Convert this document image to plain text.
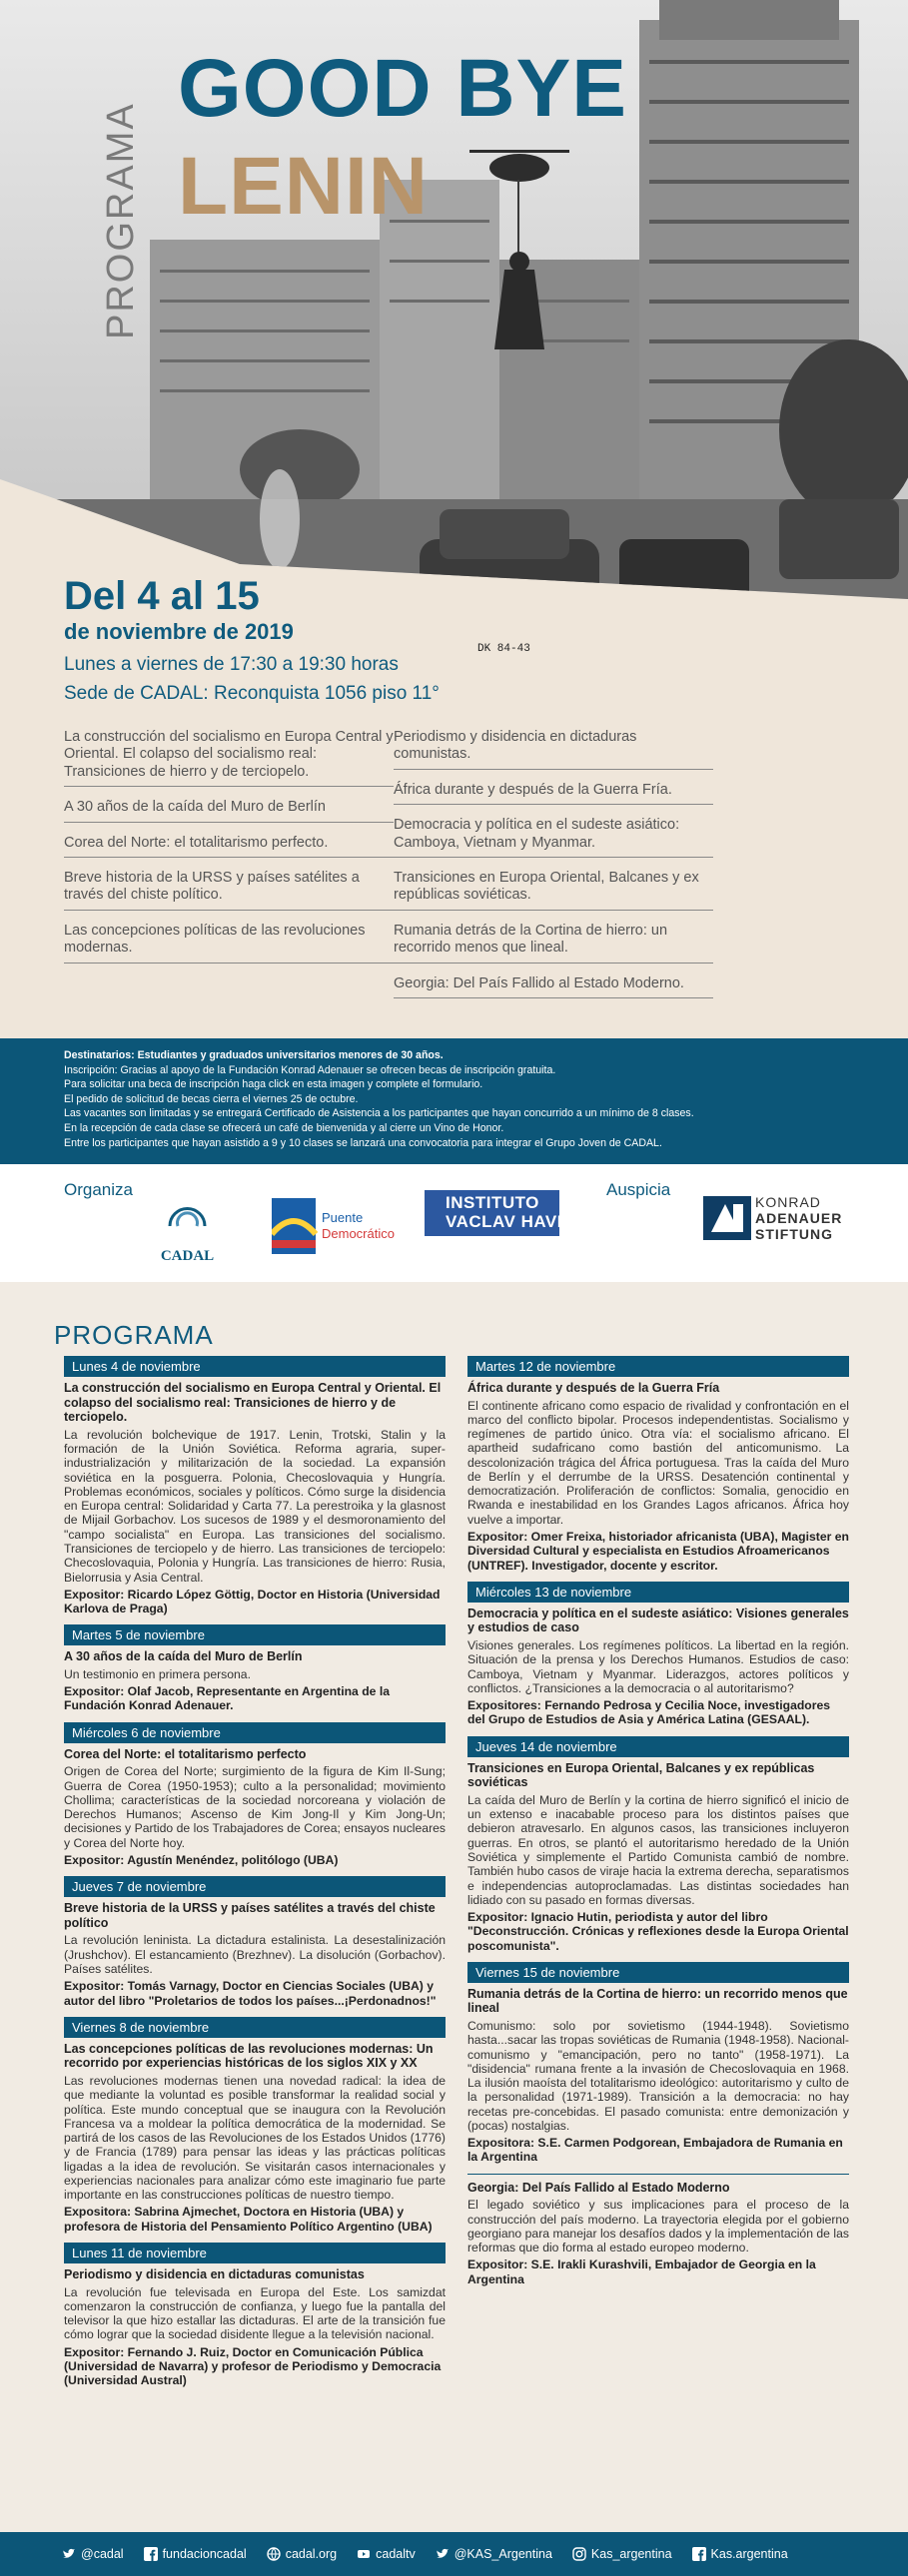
DK 84-43
PROGRAMA
GOOD BYE
LENIN
Del 4 al 15
de noviembre de 2019
Lunes a viernes de 17:30 a 19:30 horas
Sede de CADAL: Reconquista 1056 piso 11°
La construcción del socialismo en Europa Central y Oriental. El colapso del socialismo real: Transiciones de hierro y de terciopelo.
A 30 años de la caída del Muro de Berlín
Corea del Norte: el totalitarismo perfecto.
Breve historia de la URSS y países satélites a través del chiste político.
Las concepciones políticas de las revoluciones modernas.
Periodismo y disidencia en dictaduras comunistas.
África durante y después de la Guerra Fría.
Democracia y política en el sudeste asiático: Camboya, Vietnam y Myanmar.
Transiciones en Europa Oriental, Balcanes y ex repúblicas soviéticas.
Rumania detrás de la Cortina de hierro: un recorrido menos que lineal.
Georgia: Del País Fallido al Estado Moderno.
Destinatarios: Estudiantes y graduados universitarios menores de 30 años.
Inscripción: Gracias al apoyo de la Fundación Konrad Adenauer se ofrecen becas de inscripción gratuita.
Para solicitar una beca de inscripción haga click en esta imagen y complete el formulario.
El pedido de solicitud de becas cierra el viernes 25 de octubre.
Las vacantes son limitadas y se entregará Certificado de Asistencia a los participantes que hayan concurrido a un mínimo de 8 clases.
En la recepción de cada clase se ofrecerá un café de bienvenida y al cierre un Vino de Honor.
Entre los participantes que hayan asistido a 9 y 10 clases se lanzará una convocatoria para integrar el Grupo Joven de CADAL.
Organiza
CADAL
Puente
Democrático
INSTITUTO
VACLAV HAVEL
Auspicia
KONRAD
ADENAUER
STIFTUNG
PROGRAMA
Lunes 4 de noviembre
La construcción del socialismo en Europa Central y Oriental. El colapso del socialismo real: Transiciones de hierro y de terciopelo.
La revolución bolchevique de 1917. Lenin, Trotski, Stalin y la formación de la Unión Soviética. Reforma agraria, super-industrialización y militarización de la sociedad. La expansión soviética en la posguerra. Polonia, Checoslovaquia y Hungría. Problemas económicos, sociales y políticos. Cómo surge la disidencia en Europa central: Solidaridad y Carta 77. La perestroika y la glasnost de Mijail Gorbachov. Los sucesos de 1989 y el desmoronamiento del "campo socialista" en Europa. Las transiciones del socialismo. Transiciones de terciopelo y de hierro. Las transiciones de terciopelo: Checoslovaquia, Polonia y Hungría. Las transiciones de hierro: Rusia, Bielorrusia y Asia Central.
Expositor: Ricardo López Göttig, Doctor en Historia (Universidad Karlova de Praga)
Martes 5 de noviembre
A 30 años de la caída del Muro de Berlín
Un testimonio en primera persona.
Expositor: Olaf Jacob, Representante en Argentina de la Fundación Konrad Adenauer.
Miércoles 6 de noviembre
Corea del Norte: el totalitarismo perfecto
Origen de Corea del Norte; surgimiento de la figura de Kim Il-Sung; Guerra de Corea (1950-1953); culto a la personalidad; movimiento Chollima; características de la sociedad norcoreana y violación de Derechos Humanos; Ascenso de Kim Jong-Il y Kim Jong-Un; decisiones y Partido de los Trabajadores de Corea; ensayos nucleares y Corea del Norte hoy.
Expositor: Agustín Menéndez, politólogo (UBA)
Jueves 7 de noviembre
Breve historia de la URSS y países satélites a través del chiste político
La revolución leninista. La dictadura estalinista. La desestalinización (Jrushchov). El estancamiento (Brezhnev). La disolución (Gorbachov). Países satélites.
Expositor: Tomás Varnagy, Doctor en Ciencias Sociales (UBA) y autor del libro "Proletarios de todos los países...¡Perdonadnos!"
Viernes 8 de noviembre
Las concepciones políticas de las revoluciones modernas: Un recorrido por experiencias históricas de los siglos XIX y XX
Las revoluciones modernas tienen una novedad radical: la idea de que mediante la voluntad es posible transformar la realidad social y política. Este mundo conceptual que se inaugura con la Revolución Francesa va a moldear la política democrática de la modernidad. Se partirá de los casos de las Revoluciones de los Estados Unidos (1776) y de Francia (1789) para pensar las ideas y las prácticas políticas ligadas a la idea de revolución. Se visitarán casos internacionales y experiencias nacionales para analizar cómo este imaginario fue parte importante en las construcciones políticas de nuestro tiempo.
Expositora: Sabrina Ajmechet, Doctora en Historia (UBA) y profesora de Historia del Pensamiento Político Argentino (UBA)
Lunes 11 de noviembre
Periodismo y disidencia en dictaduras comunistas
La revolución fue televisada en Europa del Este. Los samizdat comenzaron la construcción de confianza, y luego fue la pantalla del televisor la que hizo estallar las dictaduras. El arte de la transición fue cómo lograr que la sociedad disidente llegue a la televisión nacional.
Expositor: Fernando J. Ruiz, Doctor en Comunicación Pública (Universidad de Navarra) y profesor de Periodismo y Democracia (Universidad Austral)
Martes 12 de noviembre
África durante y después de la Guerra Fría
El continente africano como espacio de rivalidad y confrontación en el marco del conflicto bipolar. Procesos independentistas. Socialismo y regímenes de partido único. Otra vía: el socialismo africano. El apartheid sudafricano como bastión del anticomunismo. La descolonización trágica del África portuguesa. Tras la caída del Muro de Berlín y el derrumbe de la URSS. Desatención continental y democratización. Proliferación de conflictos: Somalia, genocidio en Rwanda e inestabilidad en los Grandes Lagos africanos. África hoy vuelve a importar.
Expositor: Omer Freixa, historiador africanista (UBA), Magister en Diversidad Cultural y especialista en Estudios Afroamericanos (UNTREF). Investigador, docente y escritor.
Miércoles 13 de noviembre
Democracia y política en el sudeste asiático: Visiones generales y estudios de caso
Visiones generales. Los regímenes políticos. La libertad en la región. Situación de la prensa y los Derechos Humanos. Estudios de caso: Camboya, Vietnam y Myanmar. Liderazgos, actores políticos y conflictos. ¿Transiciones a la democracia o al autoritarismo?
Expositores: Fernando Pedrosa y Cecilia Noce, investigadores del Grupo de Estudios de Asia y América Latina (GESAAL).
Jueves 14 de noviembre
Transiciones en Europa Oriental, Balcanes y ex repúblicas soviéticas
La caída del Muro de Berlín y la cortina de hierro significó el inicio de un extenso e inacabable proceso para los distintos países que debieron atravesarlo. En algunos casos, las transiciones incluyeron guerras. En otros, se plantó el autoritarismo heredado de la Unión Soviética y simplemente el Partido Comunista cambió de nombre. También hubo casos de viraje hacia la extrema derecha, separatismos e independencias autoproclamadas. Las distintas sociedades han lidiado con su pasado en formas diversas.
Expositor: Ignacio Hutin, periodista y autor del libro "Deconstrucción. Crónicas y reflexiones desde la Europa Oriental poscomunista".
Viernes 15 de noviembre
Rumania detrás de la Cortina de hierro: un recorrido menos que lineal
Comunismo: solo por sovietismo (1944-1948). Sovietismo hasta...sacar las tropas soviéticas de Rumania (1948-1958). Nacional-comunismo y "emancipación, pero no tanto" (1958-1971). La "disidencia" rumana frente a la invasión de Checoslovaquia en 1968. La ilusión maoísta del totalitarismo ideológico: autoritarismo y culto de la personalidad (1971-1989). Transición a la democracia: no hay recetas pre-concebidas. El pasado comunista: entre demonización y (pocas) nostalgias.
Expositora: S.E. Carmen Podgorean, Embajadora de Rumania en la Argentina
Georgia: Del País Fallido al Estado Moderno
El legado soviético y sus implicaciones para el proceso de la construcción del país moderno. La trayectoria elegida por el gobierno georgiano para manejar los desafíos dados y la implementación de las reformas que dio forma al estado europeo moderno.
Expositor: S.E. Irakli Kurashvili, Embajador de Georgia en la Argentina
@cadal	fundacioncadal	cadal.org	cadaltv	@KAS_Argentina	Kas_argentina	Kas.argentina
